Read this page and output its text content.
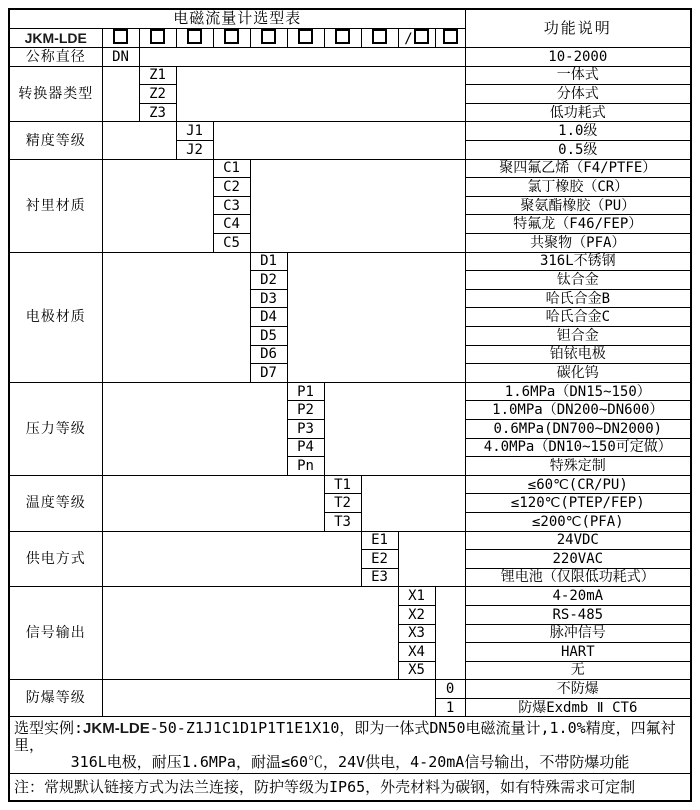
电磁流量计选型表											功能说明
JKM-LDE									/		
公称直径	DN										10-2000
转换器类型		Z1									一体式
		Z2									分体式
		Z3									低功耗式
精度等级			J1								1.0级
			J2								0.5级
衬里材质				C1							聚四氟乙烯（F4/PTFE）
				C2							氯丁橡胶（CR）
				C3							聚氨酯橡胶（PU）
				C4							特氟龙（F46/FEP）
				C5							共聚物（PFA）
电极材质					D1						316L不锈钢
					D2						钛合金
					D3						哈氏合金B
					D4						哈氏合金C
					D5						钽合金
					D6						铂铱电极
					D7						碳化钨
压力等级						P1					1.6MPa（DN15~150）
						P2					1.0MPa（DN200~DN600）
						P3					0.6MPa(DN700~DN2000)
						P4					4.0MPa（DN10~150可定做）
						Pn					特殊定制
温度等级							T1				≤60℃(CR/PU)
							T2				≤120℃(PTEP/FEP)
							T3				≤200℃(PFA)
供电方式								E1			24VDC
								E2			220VAC
								E3			锂电池（仅限低功耗式）
信号输出									X1		4-20mA
									X2		RS-485
									X3		脉冲信号
									X4		HART
									X5		无
防爆等级										0	不防爆
										1	防爆Exdmb Ⅱ CT6

选型实例:JKM-LDE-50-Z1J1C1D1P1T1E1X10，即为一体式DN50电磁流量计,1.0%精度，四氟衬里，
316L电极，耐压1.6MPa，耐温≤60℃，24V供电，4-20mA信号输出，不带防爆功能											

注：常规默认链接方式为法兰连接，防护等级为IP65，外壳材料为碳钢，如有特殊需求可定制											
